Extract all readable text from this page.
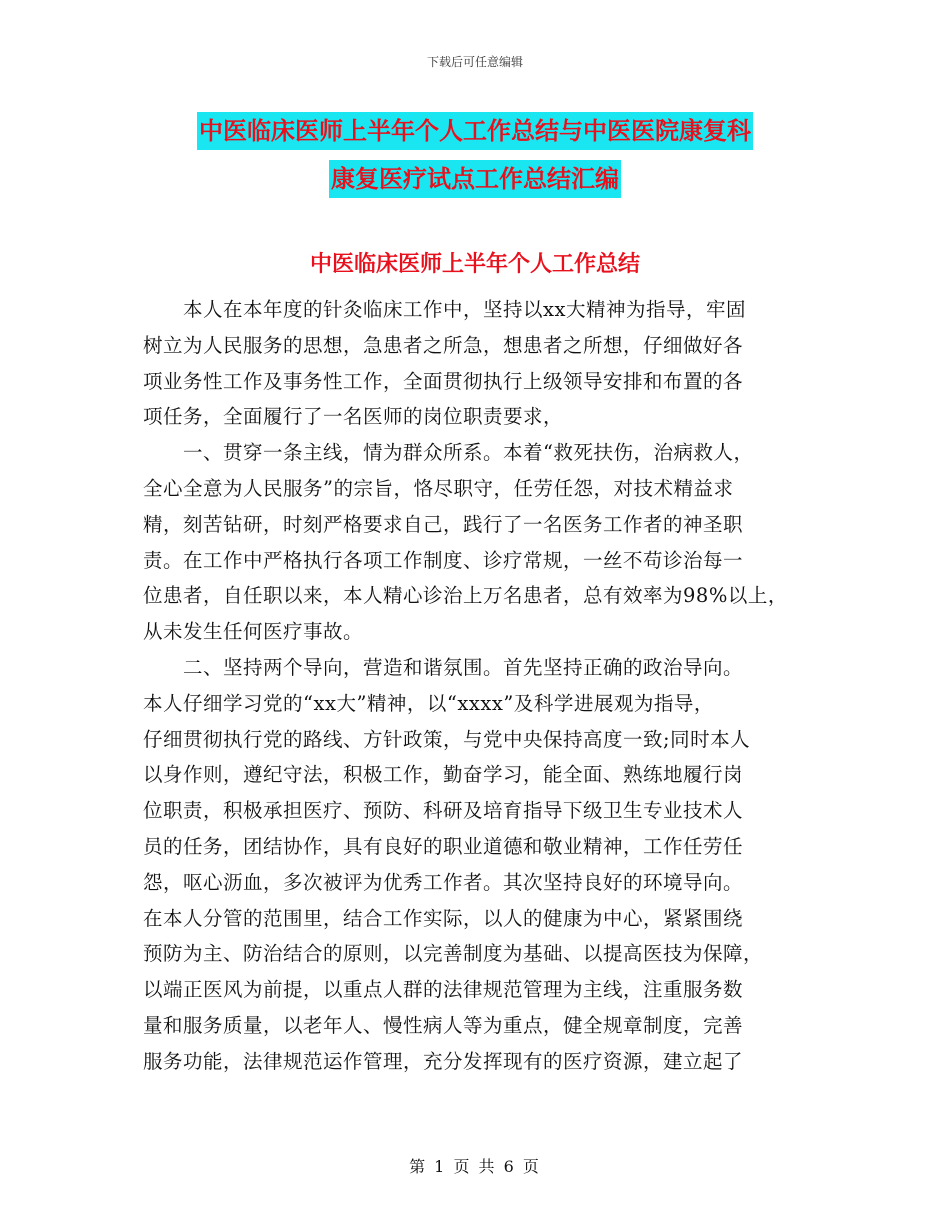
下载后可任意编辑
中医临床医师上半年个人工作总结与中医医院康复科
康复医疗试点工作总结汇编
中医临床医师上半年个人工作总结

　　本人在本年度的针灸临床工作中，坚持以xx大精神为指导，牢固

树立为人民服务的思想，急患者之所急，想患者之所想，仔细做好各

项业务性工作及事务性工作，全面贯彻执行上级领导安排和布置的各

项任务，全面履行了一名医师的岗位职责要求，

　　一、贯穿一条主线，情为群众所系。本着“救死扶伤，治病救人，

全心全意为人民服务”的宗旨，恪尽职守，任劳任怨，对技术精益求

精，刻苦钻研，时刻严格要求自己，践行了一名医务工作者的神圣职

责。在工作中严格执行各项工作制度、诊疗常规，一丝不苟诊治每一

位患者，自任职以来，本人精心诊治上万名患者，总有效率为98%以上，

从未发生任何医疗事故。

　　二、坚持两个导向，营造和谐氛围。首先坚持正确的政治导向。

本人仔细学习党的“xx大”精神，以“xxxx”及科学进展观为指导，

仔细贯彻执行党的路线、方针政策，与党中央保持高度一致;同时本人

以身作则，遵纪守法，积极工作，勤奋学习，能全面、熟练地履行岗

位职责，积极承担医疗、预防、科研及培育指导下级卫生专业技术人

员的任务，团结协作，具有良好的职业道德和敬业精神，工作任劳任

怨，呕心沥血，多次被评为优秀工作者。其次坚持良好的环境导向。

在本人分管的范围里，结合工作实际，以人的健康为中心，紧紧围绕

预防为主、防治结合的原则，以完善制度为基础、以提高医技为保障，

以端正医风为前提，以重点人群的法律规范管理为主线，注重服务数

量和服务质量，以老年人、慢性病人等为重点，健全规章制度，完善

服务功能，法律规范运作管理，充分发挥现有的医疗资源，建立起了

第 1 页 共 6 页
